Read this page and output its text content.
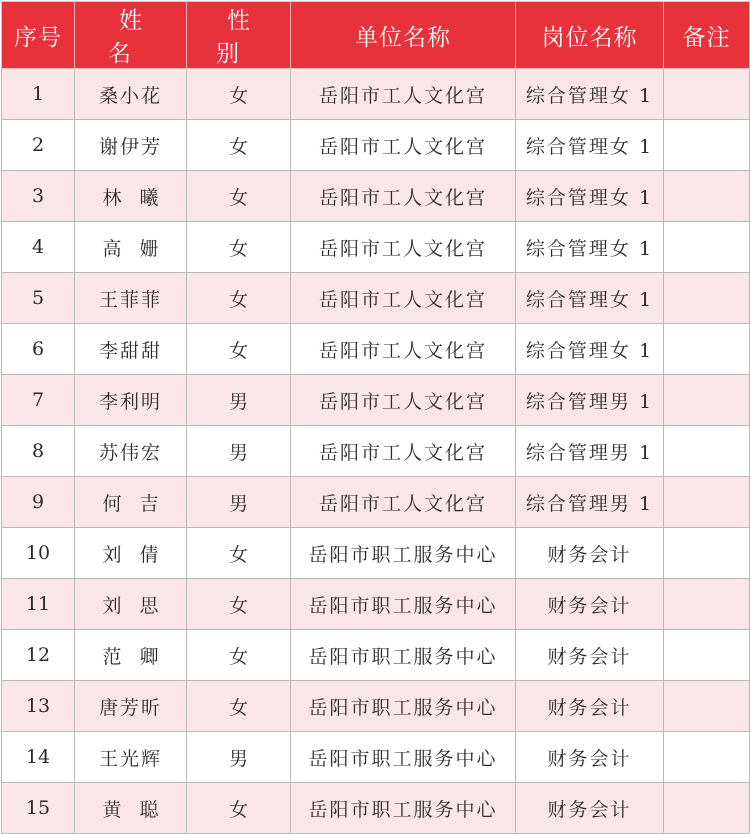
序号	姓 名	性 别	单位名称	岗位名称	备注
1	桑小花	女	岳阳市工人文化宫	综合管理女 1	
2	谢伊芳	女	岳阳市工人文化宫	综合管理女 1	
3	林曦	女	岳阳市工人文化宫	综合管理女 1	
4	高姗	女	岳阳市工人文化宫	综合管理女 1	
5	王菲菲	女	岳阳市工人文化宫	综合管理女 1	
6	李甜甜	女	岳阳市工人文化宫	综合管理女 1	
7	李利明	男	岳阳市工人文化宫	综合管理男 1	
8	苏伟宏	男	岳阳市工人文化宫	综合管理男 1	
9	何吉	男	岳阳市工人文化宫	综合管理男 1	
10	刘倩	女	岳阳市职工服务中心	财务会计	
11	刘思	女	岳阳市职工服务中心	财务会计	
12	范卿	女	岳阳市职工服务中心	财务会计	
13	唐芳昕	女	岳阳市职工服务中心	财务会计	
14	王光辉	男	岳阳市职工服务中心	财务会计	
15	黄聪	女	岳阳市职工服务中心	财务会计	
